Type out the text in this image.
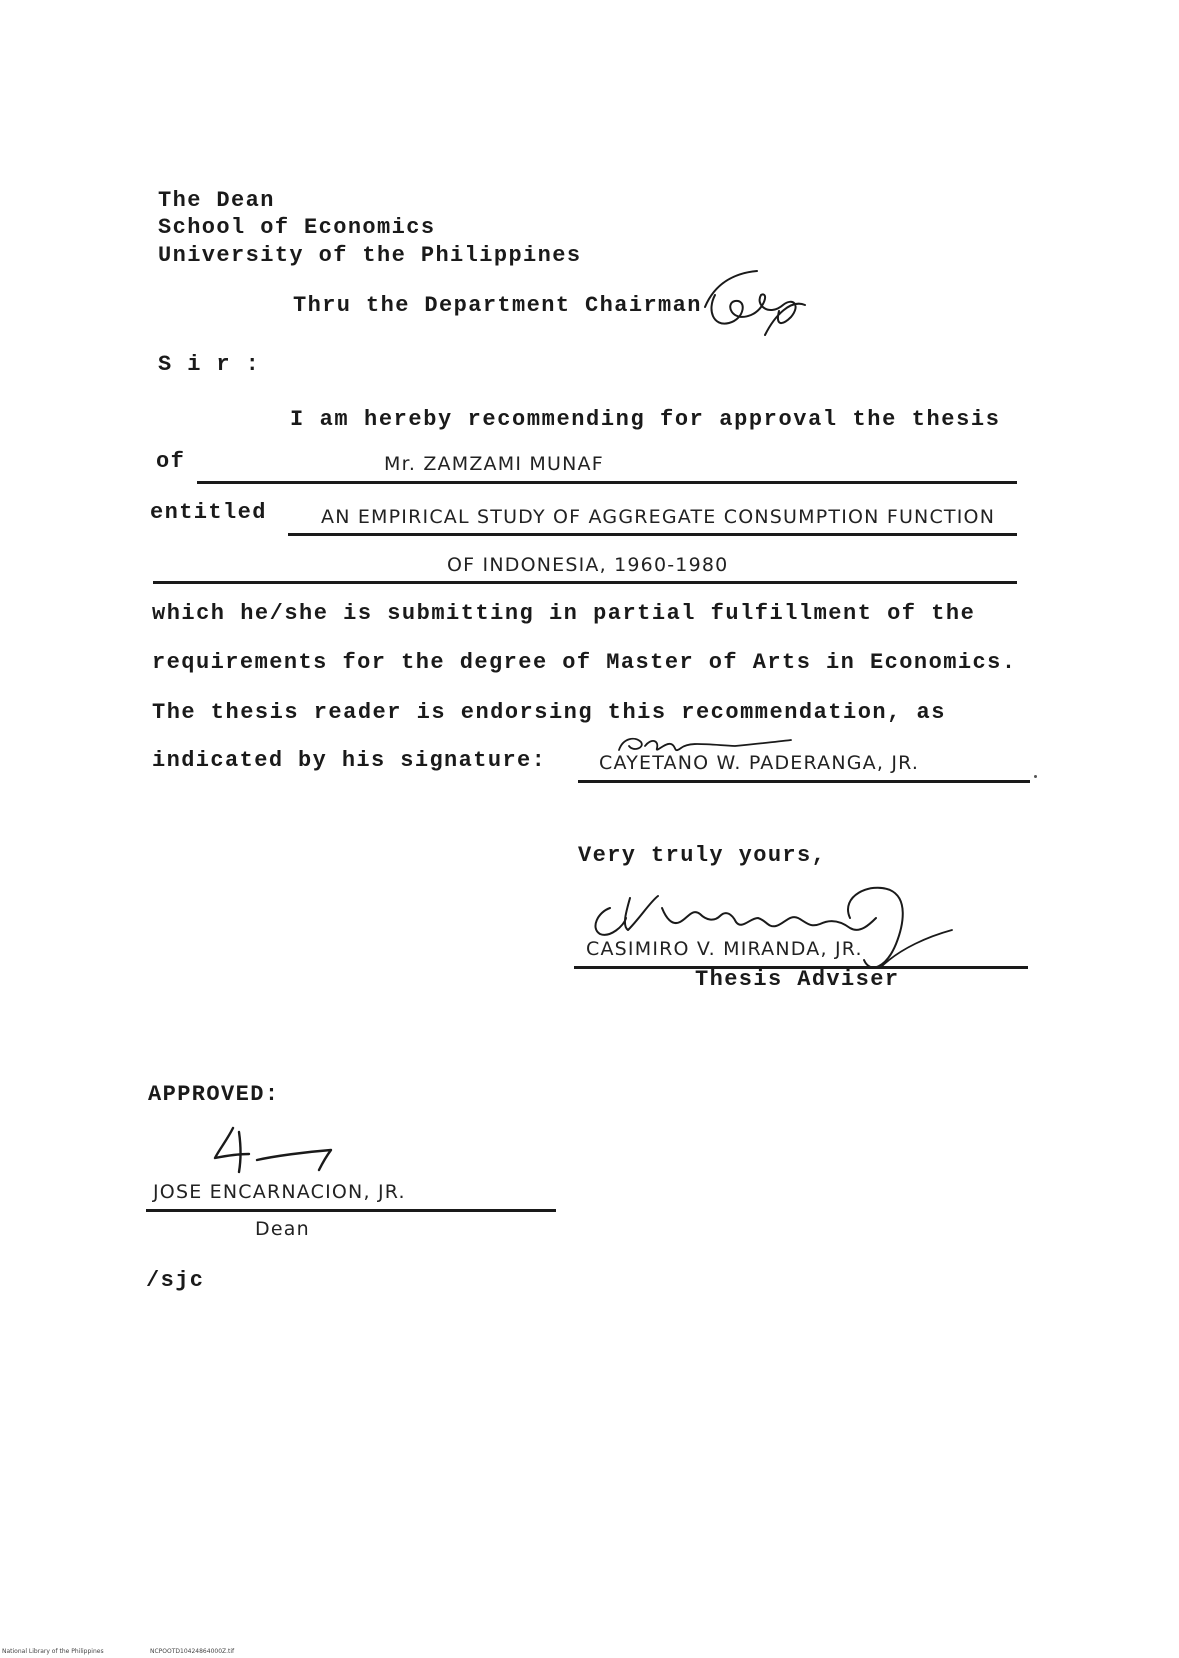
The Dean
School of Economics
University of the Philippines
Thru the Department Chairman
S i r :
I am hereby recommending for approval the thesis
of	Mr. ZAMZAMI MUNAF
entitled	AN EMPIRICAL STUDY OF AGGREGATE CONSUMPTION FUNCTION
OF INDONESIA, 1960-1980
which he/she is submitting in partial fulfillment of the
requirements for the degree of Master of Arts in Economics.
The thesis reader is endorsing this recommendation, as
indicated by his signature:	CAYETANO W. PADERANGA, JR.
Very truly yours,
CASIMIRO V. MIRANDA, JR.
Thesis Adviser
APPROVED:
JOSE ENCARNACION, JR.
Dean
/sjc
National Library of the Philippines	NCPOOTD10424864000Z.tif
